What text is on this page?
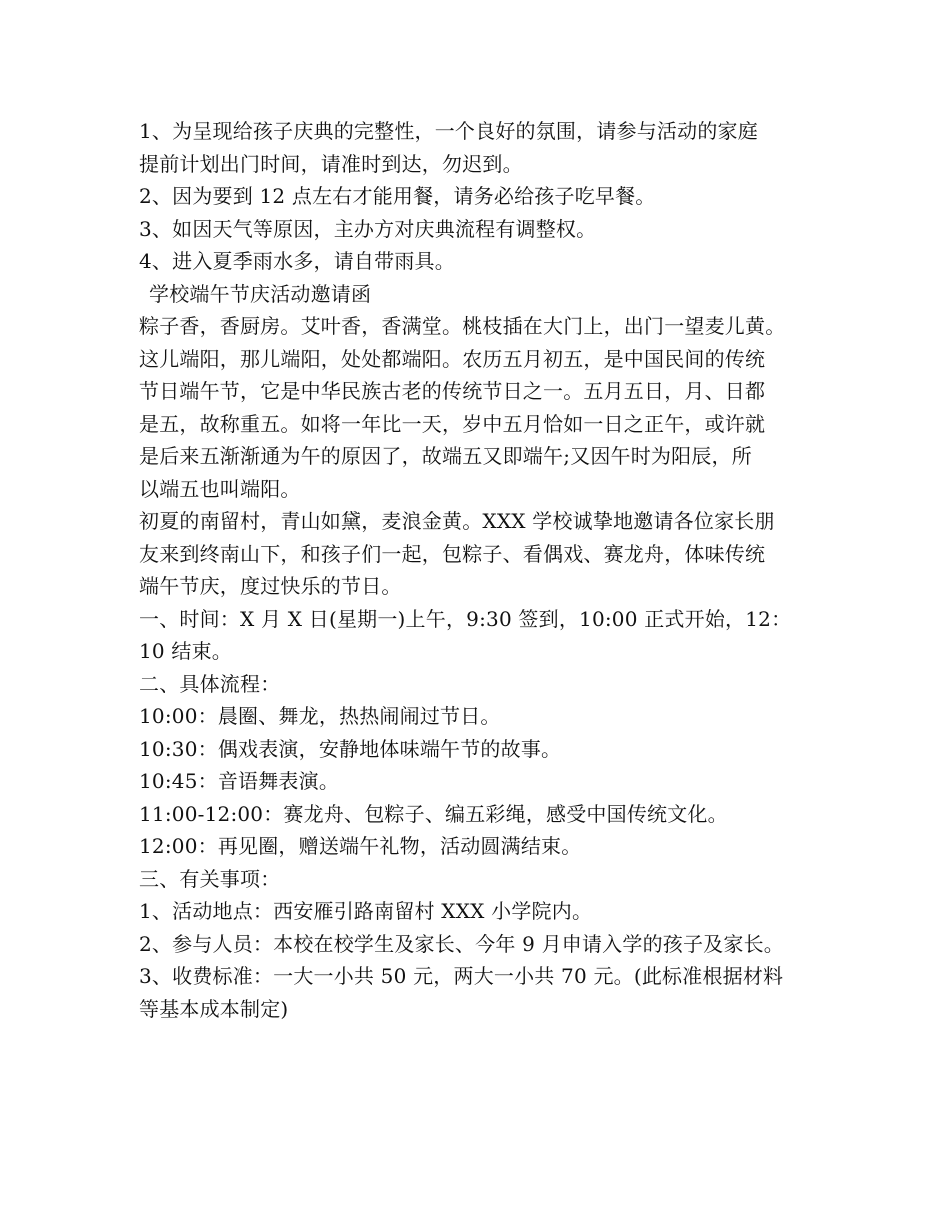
1、为呈现给孩子庆典的完整性，一个良好的氛围，请参与活动的家庭
提前计划出门时间，请准时到达，勿迟到。
2、因为要到 12 点左右才能用餐，请务必给孩子吃早餐。
3、如因天气等原因，主办方对庆典流程有调整权。
4、进入夏季雨水多，请自带雨具。
学校端午节庆活动邀请函
粽子香，香厨房。艾叶香，香满堂。桃枝插在大门上，出门一望麦儿黄。
这儿端阳，那儿端阳，处处都端阳。农历五月初五，是中国民间的传统
节日端午节，它是中华民族古老的传统节日之一。五月五日，月、日都
是五，故称重五。如将一年比一天，岁中五月恰如一日之正午，或许就
是后来五渐渐通为午的原因了，故端五又即端午;又因午时为阳辰，所
以端五也叫端阳。
初夏的南留村，青山如黛，麦浪金黄。XXX 学校诚挚地邀请各位家长朋
友来到终南山下，和孩子们一起，包粽子、看偶戏、赛龙舟，体味传统
端午节庆，度过快乐的节日。
一、时间：X 月 X 日(星期一)上午，9:30 签到，10:00 正式开始，12：
10 结束。
二、具体流程：
10:00：晨圈、舞龙，热热闹闹过节日。
10:30：偶戏表演，安静地体味端午节的故事。
10:45：音语舞表演。
11:00-12:00：赛龙舟、包粽子、编五彩绳，感受中国传统文化。
12:00：再见圈，赠送端午礼物，活动圆满结束。
三、有关事项：
1、活动地点：西安雁引路南留村 XXX 小学院内。
2、参与人员：本校在校学生及家长、今年 9 月申请入学的孩子及家长。
3、收费标准：一大一小共 50 元，两大一小共 70 元。(此标准根据材料
等基本成本制定)
